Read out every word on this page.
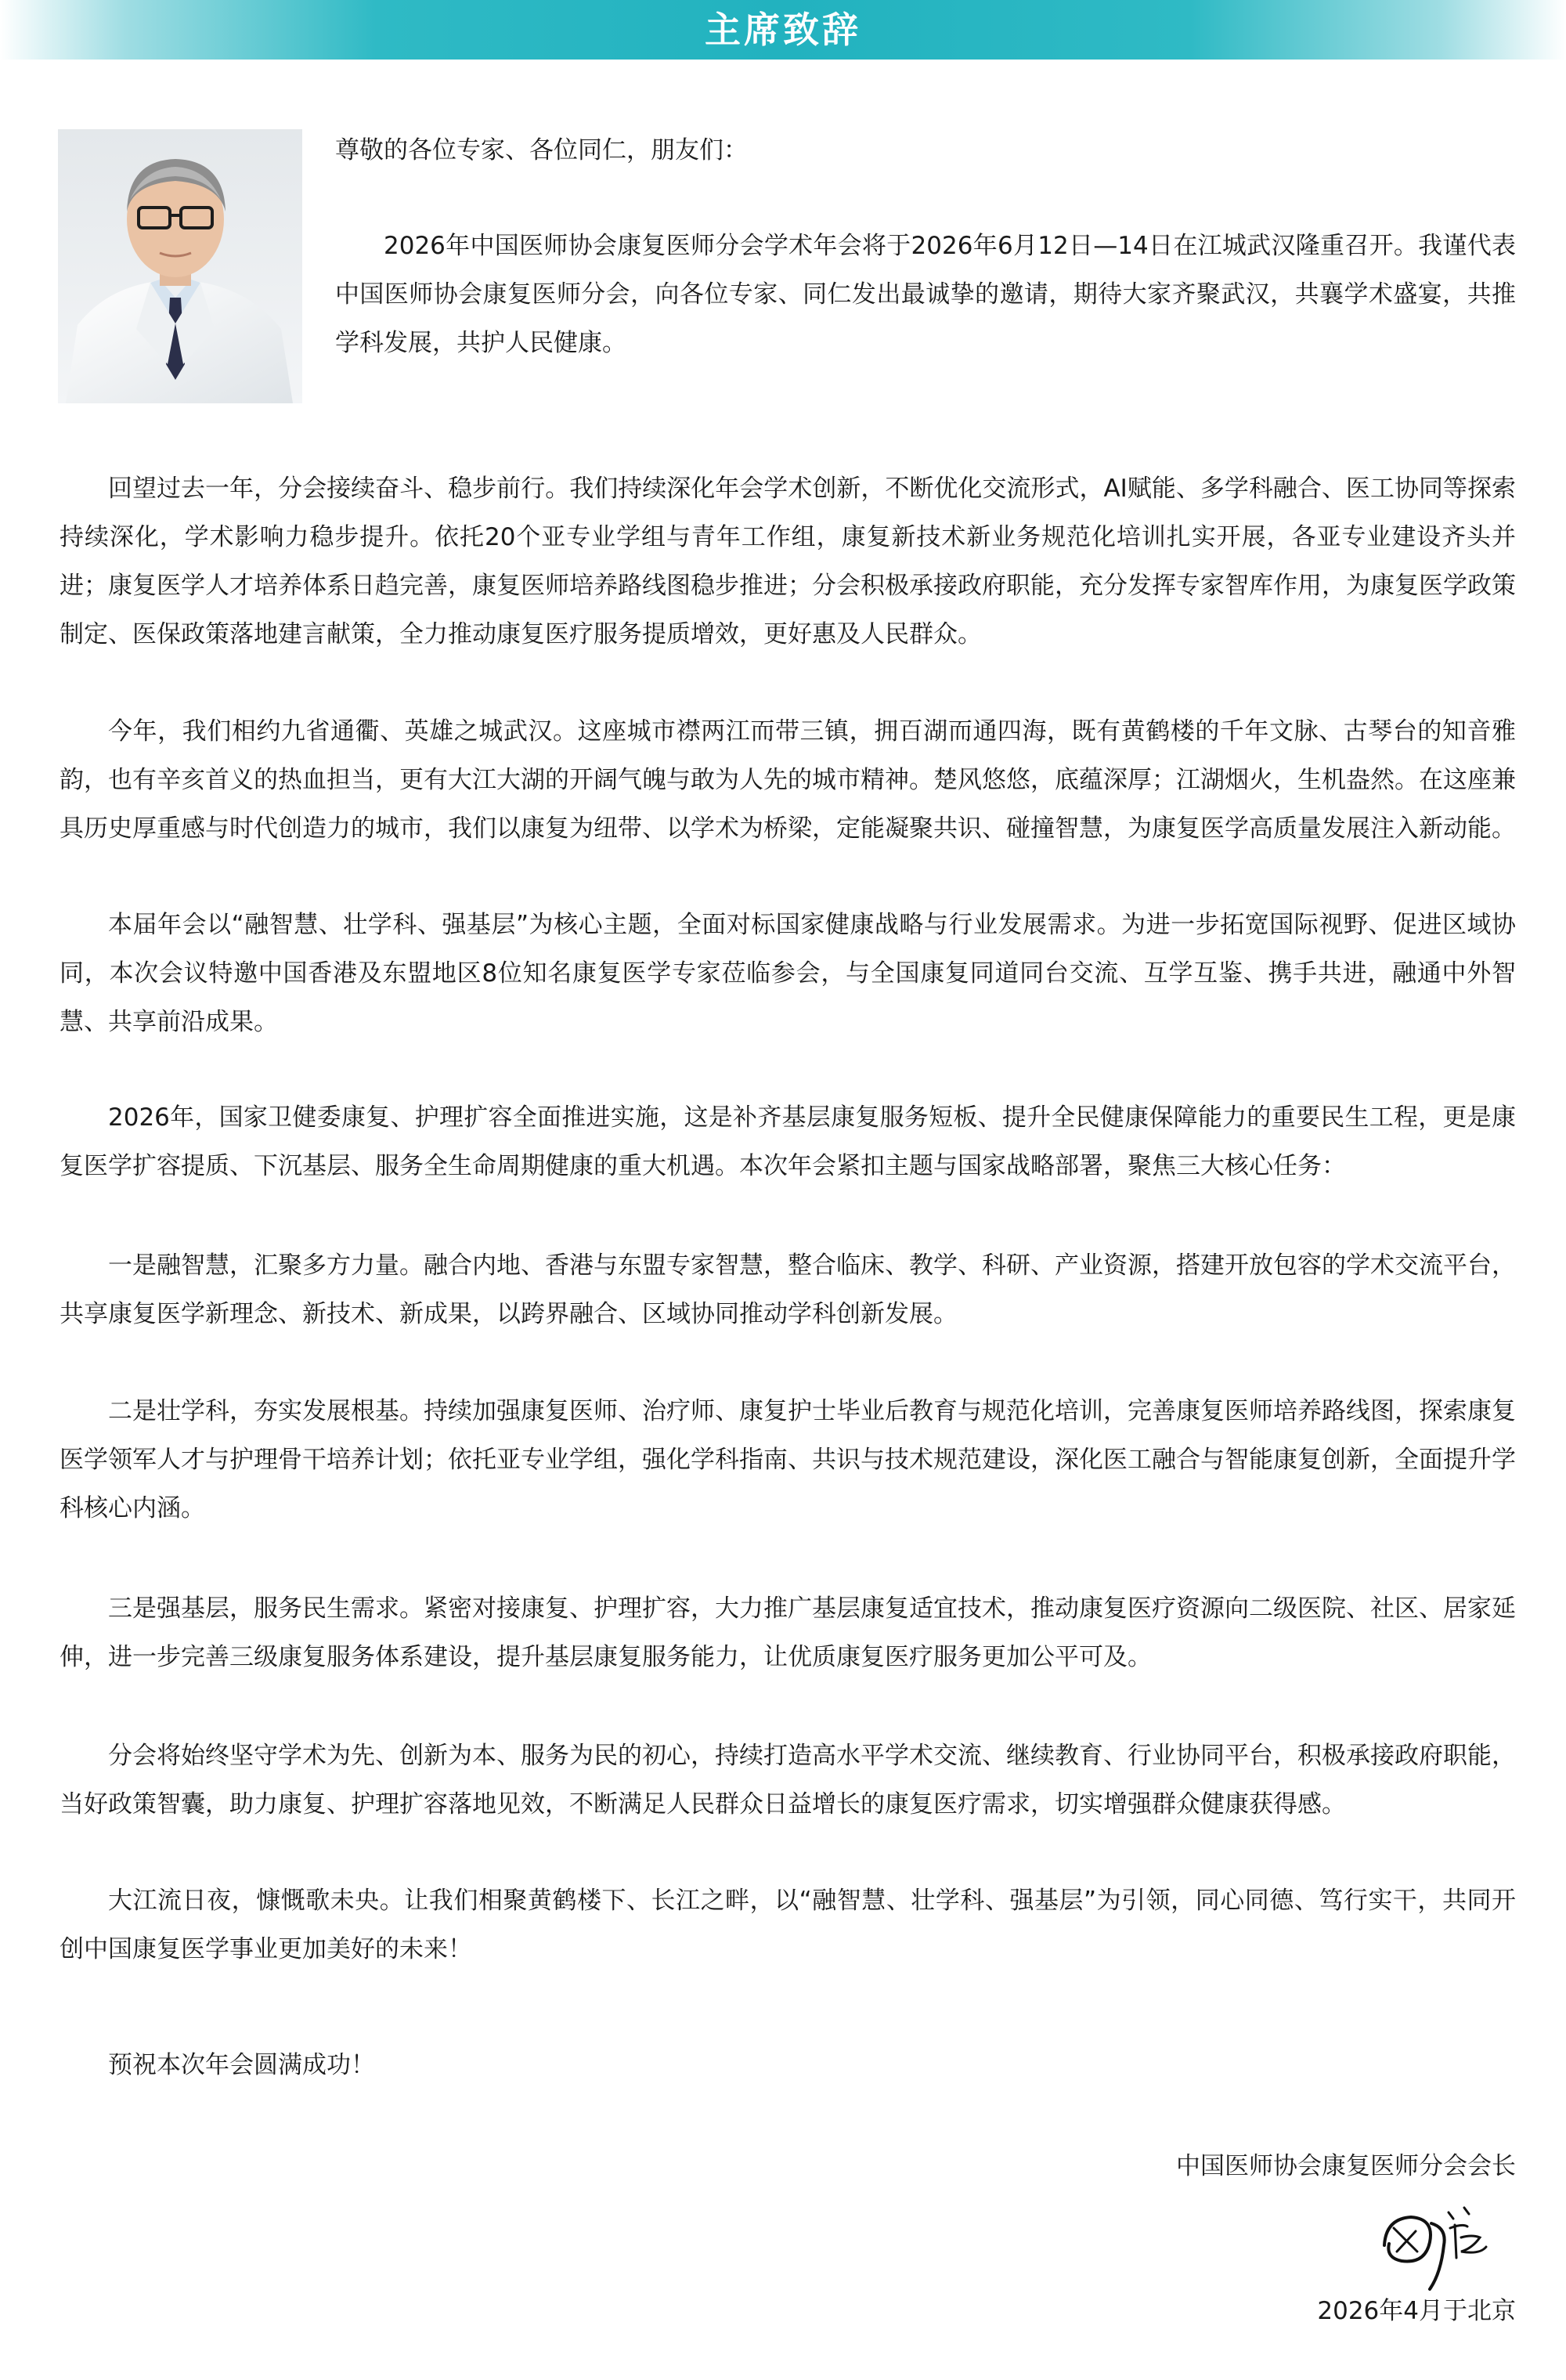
主席致辞
尊敬的各位专家、各位同仁，朋友们：

2026年中国医师协会康复医师分会学术年会将于2026年6月12日—14日在江城武汉隆重召开。我谨代表中国医师协会康复医师分会，向各位专家、同仁发出最诚挚的邀请，期待大家齐聚武汉，共襄学术盛宴，共推学科发展，共护人民健康。

回望过去一年，分会接续奋斗、稳步前行。我们持续深化年会学术创新，不断优化交流形式，AI赋能、多学科融合、医工协同等探索持续深化，学术影响力稳步提升。依托20个亚专业学组与青年工作组，康复新技术新业务规范化培训扎实开展，各亚专业建设齐头并进；康复医学人才培养体系日趋完善，康复医师培养路线图稳步推进；分会积极承接政府职能，充分发挥专家智库作用，为康复医学政策制定、医保政策落地建言献策，全力推动康复医疗服务提质增效，更好惠及人民群众。

今年，我们相约九省通衢、英雄之城武汉。这座城市襟两江而带三镇，拥百湖而通四海，既有黄鹤楼的千年文脉、古琴台的知音雅韵，也有辛亥首义的热血担当，更有大江大湖的开阔气魄与敢为人先的城市精神。楚风悠悠，底蕴深厚；江湖烟火，生机盎然。在这座兼具历史厚重感与时代创造力的城市，我们以康复为纽带、以学术为桥梁，定能凝聚共识、碰撞智慧，为康复医学高质量发展注入新动能。

本届年会以“融智慧、壮学科、强基层”为核心主题，全面对标国家健康战略与行业发展需求。为进一步拓宽国际视野、促进区域协同，本次会议特邀中国香港及东盟地区8位知名康复医学专家莅临参会，与全国康复同道同台交流、互学互鉴、携手共进，融通中外智慧、共享前沿成果。

2026年，国家卫健委康复、护理扩容全面推进实施，这是补齐基层康复服务短板、提升全民健康保障能力的重要民生工程，更是康复医学扩容提质、下沉基层、服务全生命周期健康的重大机遇。本次年会紧扣主题与国家战略部署，聚焦三大核心任务：

一是融智慧，汇聚多方力量。融合内地、香港与东盟专家智慧，整合临床、教学、科研、产业资源，搭建开放包容的学术交流平台，共享康复医学新理念、新技术、新成果，以跨界融合、区域协同推动学科创新发展。

二是壮学科，夯实发展根基。持续加强康复医师、治疗师、康复护士毕业后教育与规范化培训，完善康复医师培养路线图，探索康复医学领军人才与护理骨干培养计划；依托亚专业学组，强化学科指南、共识与技术规范建设，深化医工融合与智能康复创新，全面提升学科核心内涵。

三是强基层，服务民生需求。紧密对接康复、护理扩容，大力推广基层康复适宜技术，推动康复医疗资源向二级医院、社区、居家延伸，进一步完善三级康复服务体系建设，提升基层康复服务能力，让优质康复医疗服务更加公平可及。

分会将始终坚守学术为先、创新为本、服务为民的初心，持续打造高水平学术交流、继续教育、行业协同平台，积极承接政府职能，当好政策智囊，助力康复、护理扩容落地见效，不断满足人民群众日益增长的康复医疗需求，切实增强群众健康获得感。

大江流日夜，慷慨歌未央。让我们相聚黄鹤楼下、长江之畔，以“融智慧、壮学科、强基层”为引领，同心同德、笃行实干，共同开创中国康复医学事业更加美好的未来！

预祝本次年会圆满成功！
中国医师协会康复医师分会会长
2026年4月于北京
